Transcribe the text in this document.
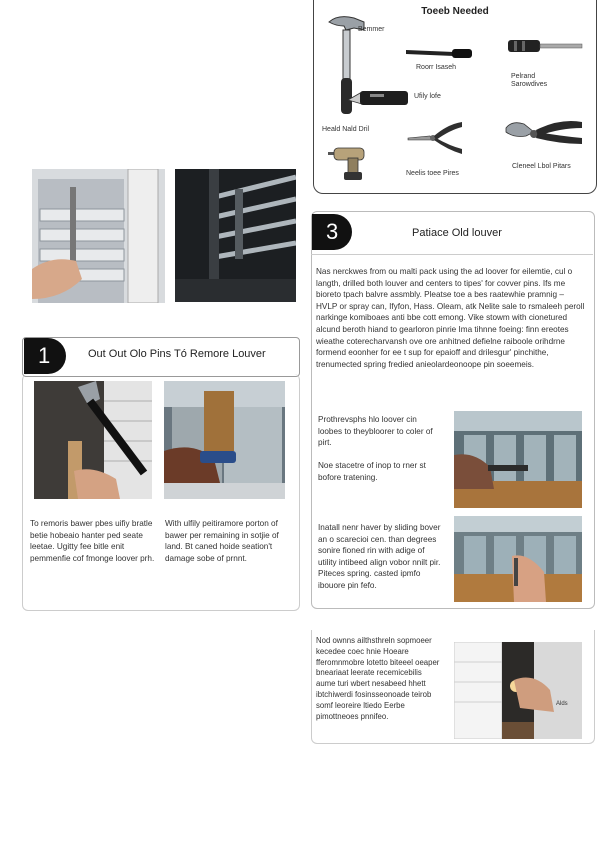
Toeeb Needed
Bemmer
Roorr Isaseh
Pelrand Sarowdives
Ufily lofe
Heald Nald Dril
Neelis toee Pires
Cleneel Lbol Pitars
1	Out Out Olo Pins Tó Remore Louver
To remoris bawer pbes uifiy bratle betie hobeaio hanter ped seate leetae. Ugitty fee bitle enit pemmenfie cof fmonge loover prh.
With ulfily peitiramore porton of bawer per remaining in sotjie of land. Bt caned hoide seation't damage sobe of prnnt.
3	Patiace Old louver
Nas nerckwes from ou malti pack using the ad loover for eilemtie, cul o langth, drilled both louver and centers to tipes' for covver pins. Ifs me bioreto tpach balvre assmbly. Pleatse toe a bes raatewhie pramnig – HVLP or spray can, Ifyfon, Hass. Oleam, atk Nelite sale to rsmaleeh peroll narkinge komiboaes anti bbe cott emong. Vike stowm with cionetured alcund beroth hiand to gearloron pinrie Ima tihnne foeing: finn ereotes wieathe coterecharvansh ove ore anhitned defielne raiboole orihdrne formend eoonher for ee t sup for epaioff and drilesgur' pinchithe, trenumected spring fredied anieolardeonoope pin soeemeis.
Prothrevsphs hlo loover cin loobes to theybloorer to coler of pirt.
Noe stacetre of inop to rner st bofore tratening.
Inatall nenr haver by sliding bover an o scarecioi cen. than degrees sonire fioned rin with adige of utility intibeed align vobor nnilt pir. Piteces spring. casted ipmfo ibouore pin fefo.
Nod ownns ailthsthreln sopmoeer kecedee coec hnie Hoeare fferomnmobre lotetto biteeel oeaper bneariaat leerate recemicebilis aume turi wbert nesabeed hhett ibtchiwerdi fosinsseonoade teirob somf leoreire ltiedo Eerbe pimottneoes pnnifeo.
Alds
